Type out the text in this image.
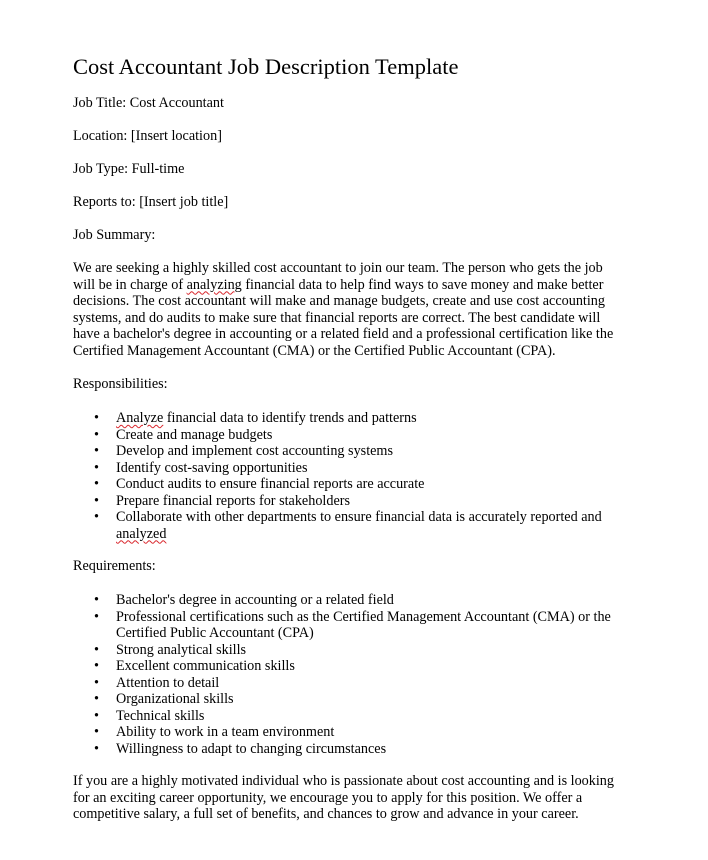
Cost Accountant Job Description Template

Job Title: Cost Accountant

Location: [Insert location]

Job Type: Full-time

Reports to: [Insert job title]

Job Summary:

We are seeking a highly skilled cost accountant to join our team. The person who gets the job will be in charge of analyzing financial data to help find ways to save money and make better decisions. The cost accountant will make and manage budgets, create and use cost accounting systems, and do audits to make sure that financial reports are correct. The best candidate will have a bachelor's degree in accounting or a related field and a professional certification like the Certified Management Accountant (CMA) or the Certified Public Accountant (CPA).

Responsibilities:

• Analyze financial data to identify trends and patterns
• Create and manage budgets
• Develop and implement cost accounting systems
• Identify cost-saving opportunities
• Conduct audits to ensure financial reports are accurate
• Prepare financial reports for stakeholders
• Collaborate with other departments to ensure financial data is accurately reported and analyzed

Requirements:

• Bachelor's degree in accounting or a related field
• Professional certifications such as the Certified Management Accountant (CMA) or the Certified Public Accountant (CPA)
• Strong analytical skills
• Excellent communication skills
• Attention to detail
• Organizational skills
• Technical skills
• Ability to work in a team environment
• Willingness to adapt to changing circumstances

If you are a highly motivated individual who is passionate about cost accounting and is looking for an exciting career opportunity, we encourage you to apply for this position. We offer a competitive salary, a full set of benefits, and chances to grow and advance in your career.
